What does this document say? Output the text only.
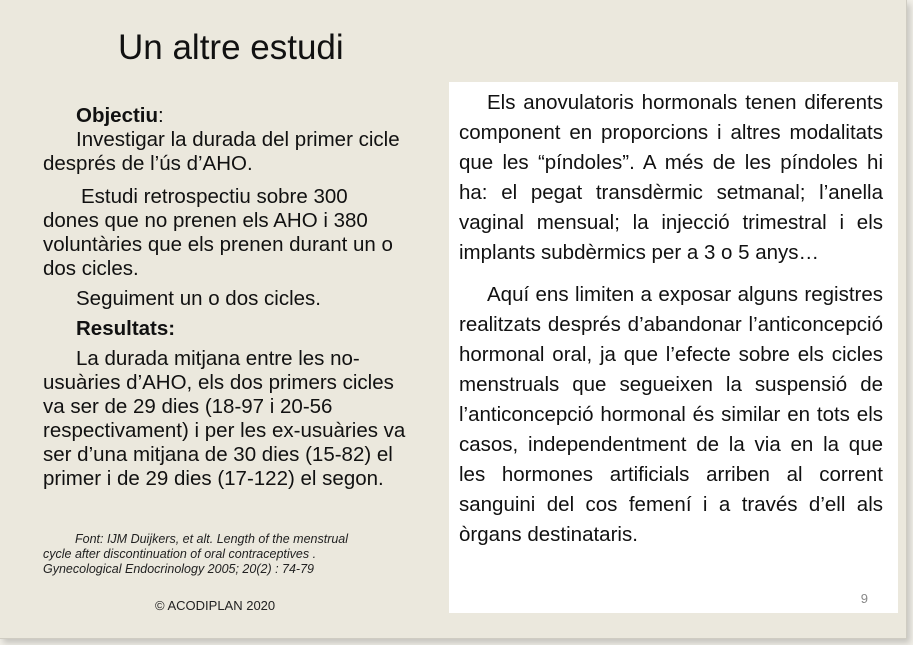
Un altre estudi

Objectiu:

Investigar la durada del primer cicle després de l’ús d’AHO.

Estudi retrospectiu sobre 300 dones que no prenen els AHO i 380 voluntàries que els prenen durant un o dos cicles.

Seguiment un o dos cicles.

Resultats:

La durada mitjana entre les no-usuàries d’AHO, els dos primers cicles va ser de 29 dies (18-97 i 20-56 respectivament) i per les ex-usuàries va ser d’una mitjana de 30 dies (15-82) el primer i de 29 dies (17-122) el segon.

Font: IJM Duijkers, et alt. Length of the menstrual
cycle after discontinuation of oral contraceptives .
Gynecological Endocrinology 2005; 20(2) : 74-79
© ACODIPLAN 2020

Els anovulatoris hormonals tenen diferents component en proporcions i altres modalitats que les “píndoles”. A més de les píndoles hi ha: el pegat transdèrmic setmanal; l’anella vaginal mensual; la injecció trimestral i els implants subdèrmics per a 3 o 5 anys…

Aquí ens limiten a exposar alguns registres realitzats després d’abandonar l’anticoncepció hormonal oral, ja que l’efecte sobre els cicles menstruals que segueixen la suspensió de l’anticoncepció hormonal és similar en tots els casos, independentment de la via en la que les hormones artificials arriben al corrent sanguini del cos femení i a través d’ell als òrgans destinataris.

9
